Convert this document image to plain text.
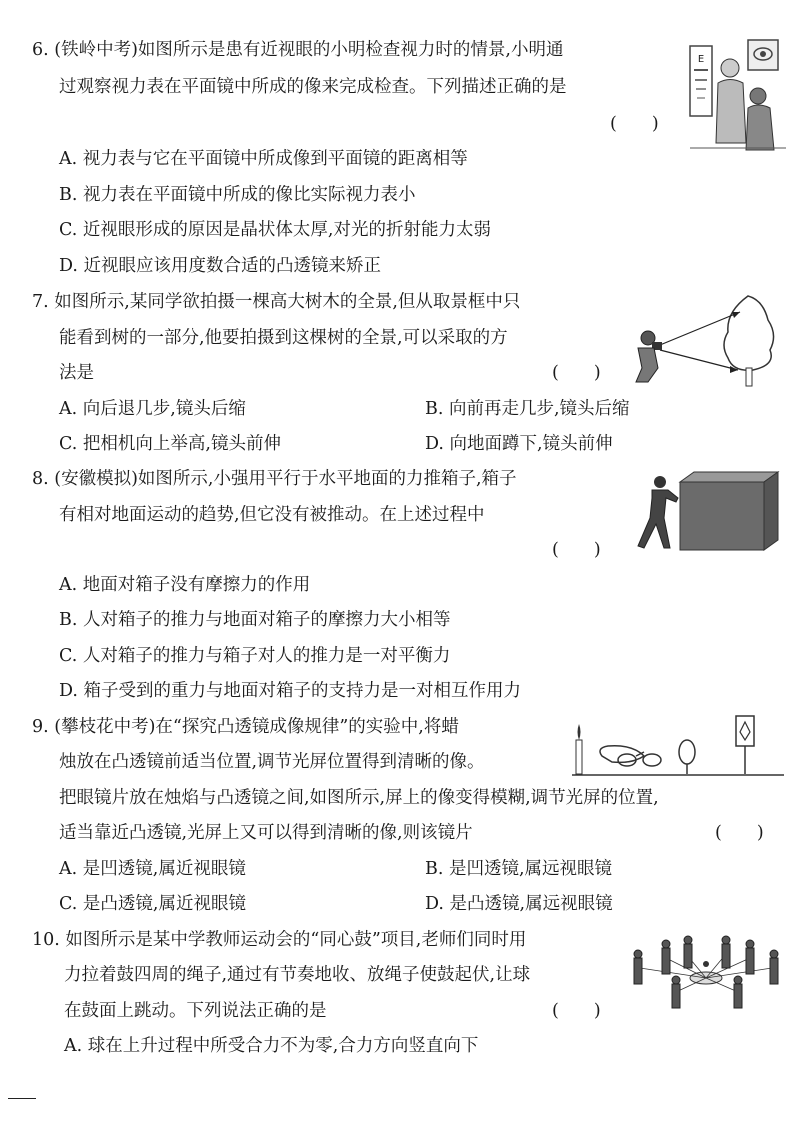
6. (铁岭中考)如图所示是患有近视眼的小明检查视力时的情景,小明通
过观察视力表在平面镜中所成的像来完成检查。下列描述正确的是
(　　)
A. 视力表与它在平面镜中所成像到平面镜的距离相等
B. 视力表在平面镜中所成的像比实际视力表小
C. 近视眼形成的原因是晶状体太厚,对光的折射能力太弱
D. 近视眼应该用度数合适的凸透镜来矫正
E
7. 如图所示,某同学欲拍摄一棵高大树木的全景,但从取景框中只
能看到树的一部分,他要拍摄到这棵树的全景,可以采取的方
法是	(　　)
A. 向后退几步,镜头后缩	B. 向前再走几步,镜头后缩
C. 把相机向上举高,镜头前伸	D. 向地面蹲下,镜头前伸
8. (安徽模拟)如图所示,小强用平行于水平地面的力推箱子,箱子
有相对地面运动的趋势,但它没有被推动。在上述过程中
(　　)
A. 地面对箱子没有摩擦力的作用
B. 人对箱子的推力与地面对箱子的摩擦力大小相等
C. 人对箱子的推力与箱子对人的推力是一对平衡力
D. 箱子受到的重力与地面对箱子的支持力是一对相互作用力
9. (攀枝花中考)在“探究凸透镜成像规律”的实验中,将蜡
烛放在凸透镜前适当位置,调节光屏位置得到清晰的像。
把眼镜片放在烛焰与凸透镜之间,如图所示,屏上的像变得模糊,调节光屏的位置,
适当靠近凸透镜,光屏上又可以得到清晰的像,则该镜片	(　　)
A. 是凹透镜,属近视眼镜	B. 是凹透镜,属远视眼镜
C. 是凸透镜,属近视眼镜	D. 是凸透镜,属远视眼镜
10. 如图所示是某中学教师运动会的“同心鼓”项目,老师们同时用
力拉着鼓四周的绳子,通过有节奏地收、放绳子使鼓起伏,让球
在鼓面上跳动。下列说法正确的是	(　　)
A. 球在上升过程中所受合力不为零,合力方向竖直向下
